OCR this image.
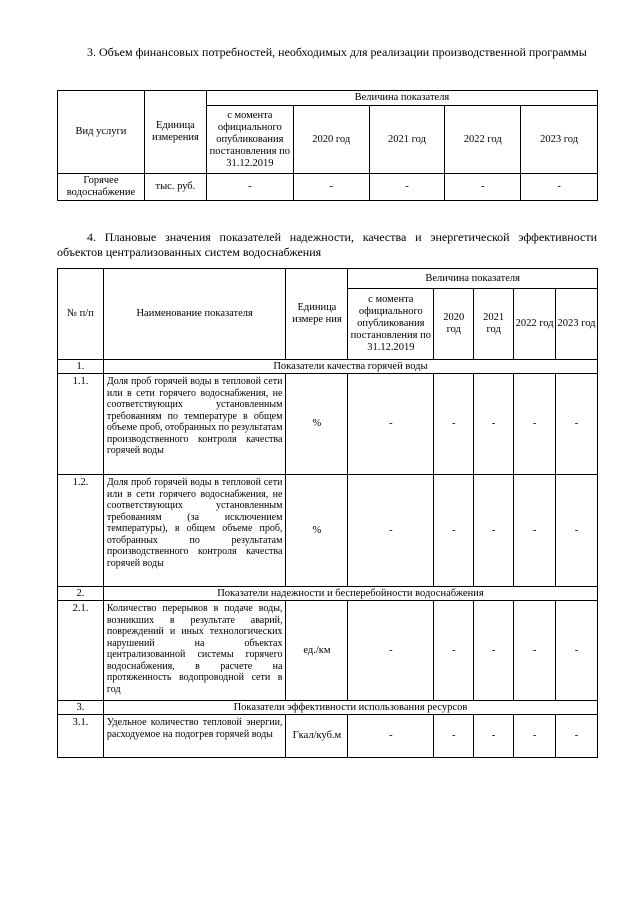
3. Объем финансовых потребностей, необходимых для реализации производственной программы

Вид услуги	Единица измерения	Величина показателя				
		с момента официального опубликования постановления по 31.12.2019	2020 год	2021 год	2022 год	2023 год
Горячее водоснабжение	тыс. руб.	-	-	-	-	-

4. Плановые значения показателей надежности, качества и энергетической эффективности объектов централизованных систем водоснабжения

№ п/п	Наименование показателя	Единица измере ния	Величина показателя				
			с момента официального опубликования постановления по 31.12.2019	2020 год	2021 год	2022 год	2023 год
1.	Показатели качества горячей воды						
1.1.	Доля проб горячей воды в тепловой сети или в сети горячего водоснабжения, не соответствующих установленным требованиям по температуре в общем объеме проб, отобранных по результатам производственного контроля качества горячей воды	%	-	-	-	-	-
1.2.	Доля проб горячей воды в тепловой сети или в сети горячего водоснабжения, не соответствующих установленным требованиям (за исключением температуры), в общем объеме проб, отобранных по результатам производственного контроля качества горячей воды	%	-	-	-	-	-
2.	Показатели надежности и бесперебойности водоснабжения						
2.1.	Количество перерывов в подаче воды, возникших в результате аварий, повреждений и иных технологических нарушений на объектах централизованной системы горячего водоснабжения, в расчете на протяженность водопроводной сети в год	ед./км	-	-	-	-	-
3.	Показатели эффективности использования ресурсов						
3.1.	Удельное количество тепловой энергии, расходуемое на подогрев горячей воды	Гкал/куб.м	-	-	-	-	-
